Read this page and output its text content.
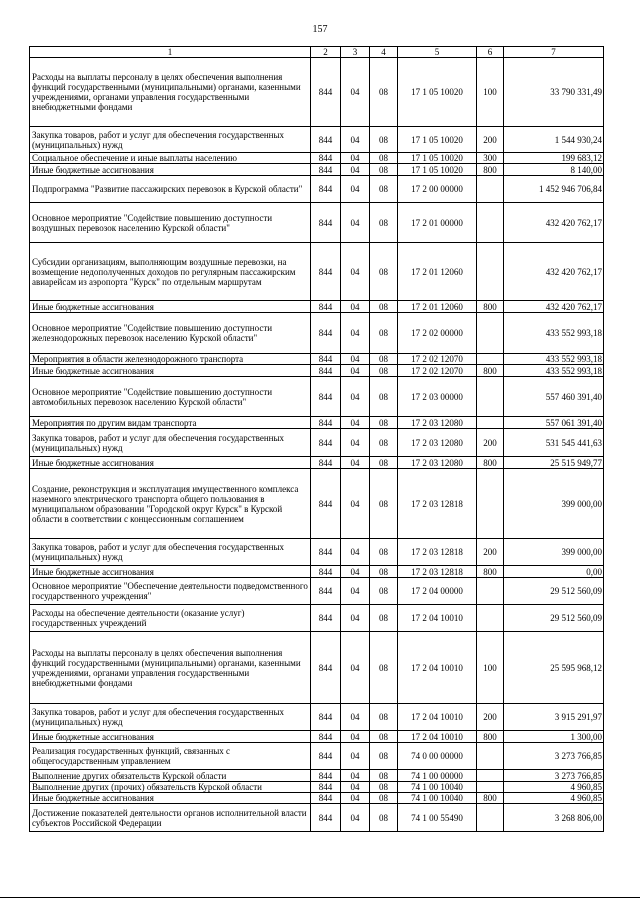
157
1	2	3	4	5	6	7
Расходы на выплаты персоналу в целях обеспечения выполнения функций государственными (муниципальными) органами, казенными учреждениями, органами управления государственными внебюджетными фондами	844	04	08	17 1 05 10020	100	33 790 331,49
Закупка товаров, работ и услуг для обеспечения государственных (муниципальных) нужд	844	04	08	17 1 05 10020	200	1 544 930,24
Социальное обеспечение и иные выплаты населению	844	04	08	17 1 05 10020	300	199 683,12
Иные бюджетные ассигнования	844	04	08	17 1 05 10020	800	8 140,00
Подпрограмма "Развитие пассажирских перевозок в Курской области"	844	04	08	17 2 00 00000		1 452 946 706,84
Основное мероприятие "Содействие повышению доступности воздушных перевозок населению Курской области"	844	04	08	17 2 01 00000		432 420 762,17
Субсидии организациям, выполняющим воздушные перевозки, на возмещение недополученных доходов по регулярным пассажирским авиарейсам из аэропорта "Курск" по отдельным маршрутам	844	04	08	17 2 01 12060		432 420 762,17
Иные бюджетные ассигнования	844	04	08	17 2 01 12060	800	432 420 762,17
Основное мероприятие "Содействие повышению доступности железнодорожных перевозок населению Курской области"	844	04	08	17 2 02 00000		433 552 993,18
Мероприятия в области железнодорожного транспорта	844	04	08	17 2 02 12070		433 552 993,18
Иные бюджетные ассигнования	844	04	08	17 2 02 12070	800	433 552 993,18
Основное мероприятие "Содействие повышению доступности автомобильных перевозок населению Курской области"	844	04	08	17 2 03 00000		557 460 391,40
Мероприятия по другим видам транспорта	844	04	08	17 2 03 12080		557 061 391,40
Закупка товаров, работ и услуг для обеспечения государственных (муниципальных) нужд	844	04	08	17 2 03 12080	200	531 545 441,63
Иные бюджетные ассигнования	844	04	08	17 2 03 12080	800	25 515 949,77
Создание, реконструкция и эксплуатация имущественного комплекса наземного электрического транспорта общего пользования в муниципальном образовании "Городской округ Курск" в Курской области в соответствии с концессионным соглашением	844	04	08	17 2 03 12818		399 000,00
Закупка товаров, работ и услуг для обеспечения государственных (муниципальных) нужд	844	04	08	17 2 03 12818	200	399 000,00
Иные бюджетные ассигнования	844	04	08	17 2 03 12818	800	0,00
Основное мероприятие "Обеспечение деятельности подведомственного государственного учреждения"	844	04	08	17 2 04 00000		29 512 560,09
Расходы на обеспечение деятельности (оказание услуг) государственных учреждений	844	04	08	17 2 04 10010		29 512 560,09
Расходы на выплаты персоналу в целях обеспечения выполнения функций государственными (муниципальными) органами, казенными учреждениями, органами управления государственными внебюджетными фондами	844	04	08	17 2 04 10010	100	25 595 968,12
Закупка товаров, работ и услуг для обеспечения государственных (муниципальных) нужд	844	04	08	17 2 04 10010	200	3 915 291,97
Иные бюджетные ассигнования	844	04	08	17 2 04 10010	800	1 300,00
Реализация государственных функций, связанных с общегосударственным управлением	844	04	08	74 0 00 00000		3 273 766,85
Выполнение других обязательств Курской области	844	04	08	74 1 00 00000		3 273 766,85
Выполнение других (прочих) обязательств Курской области	844	04	08	74 1 00 10040		4 960,85
Иные бюджетные ассигнования	844	04	08	74 1 00 10040	800	4 960,85
Достижение показателей деятельности органов исполнительной власти субъектов Российской Федерации	844	04	08	74 1 00 55490		3 268 806,00
